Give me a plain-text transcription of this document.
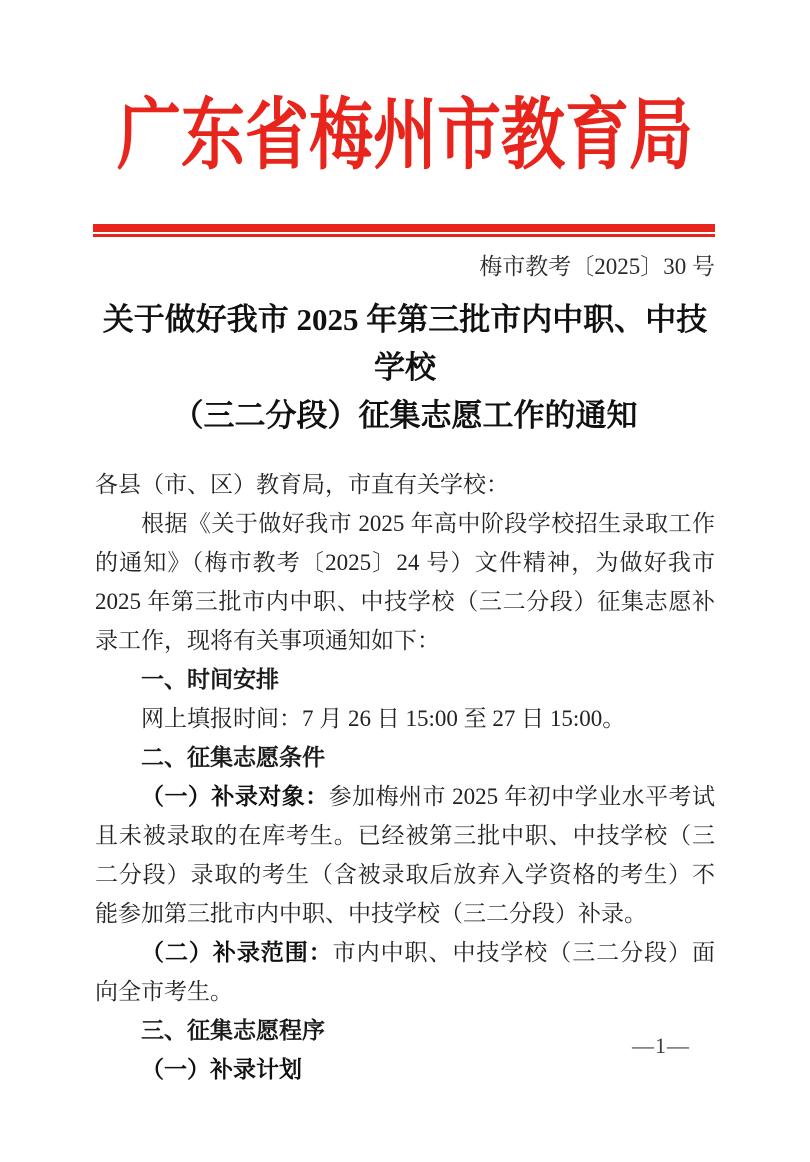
广东省梅州市教育局
梅市教考〔2025〕30 号
关于做好我市 2025 年第三批市内中职、中技学校
（三二分段）征集志愿工作的通知

各县（市、区）教育局，市直有关学校：

根据《关于做好我市 2025 年高中阶段学校招生录取工作的通知》（梅市教考〔2025〕24 号）文件精神，为做好我市 2025 年第三批市内中职、中技学校（三二分段）征集志愿补录工作，现将有关事项通知如下：

一、时间安排

网上填报时间：7 月 26 日 15:00 至 27 日 15:00。

二、征集志愿条件

（一）补录对象：参加梅州市 2025 年初中学业水平考试且未被录取的在库考生。已经被第三批中职、中技学校（三二分段）录取的考生（含被录取后放弃入学资格的考生）不能参加第三批市内中职、中技学校（三二分段）补录。

（二）补录范围：市内中职、中技学校（三二分段）面向全市考生。

三、征集志愿程序

（一）补录计划

—1—
